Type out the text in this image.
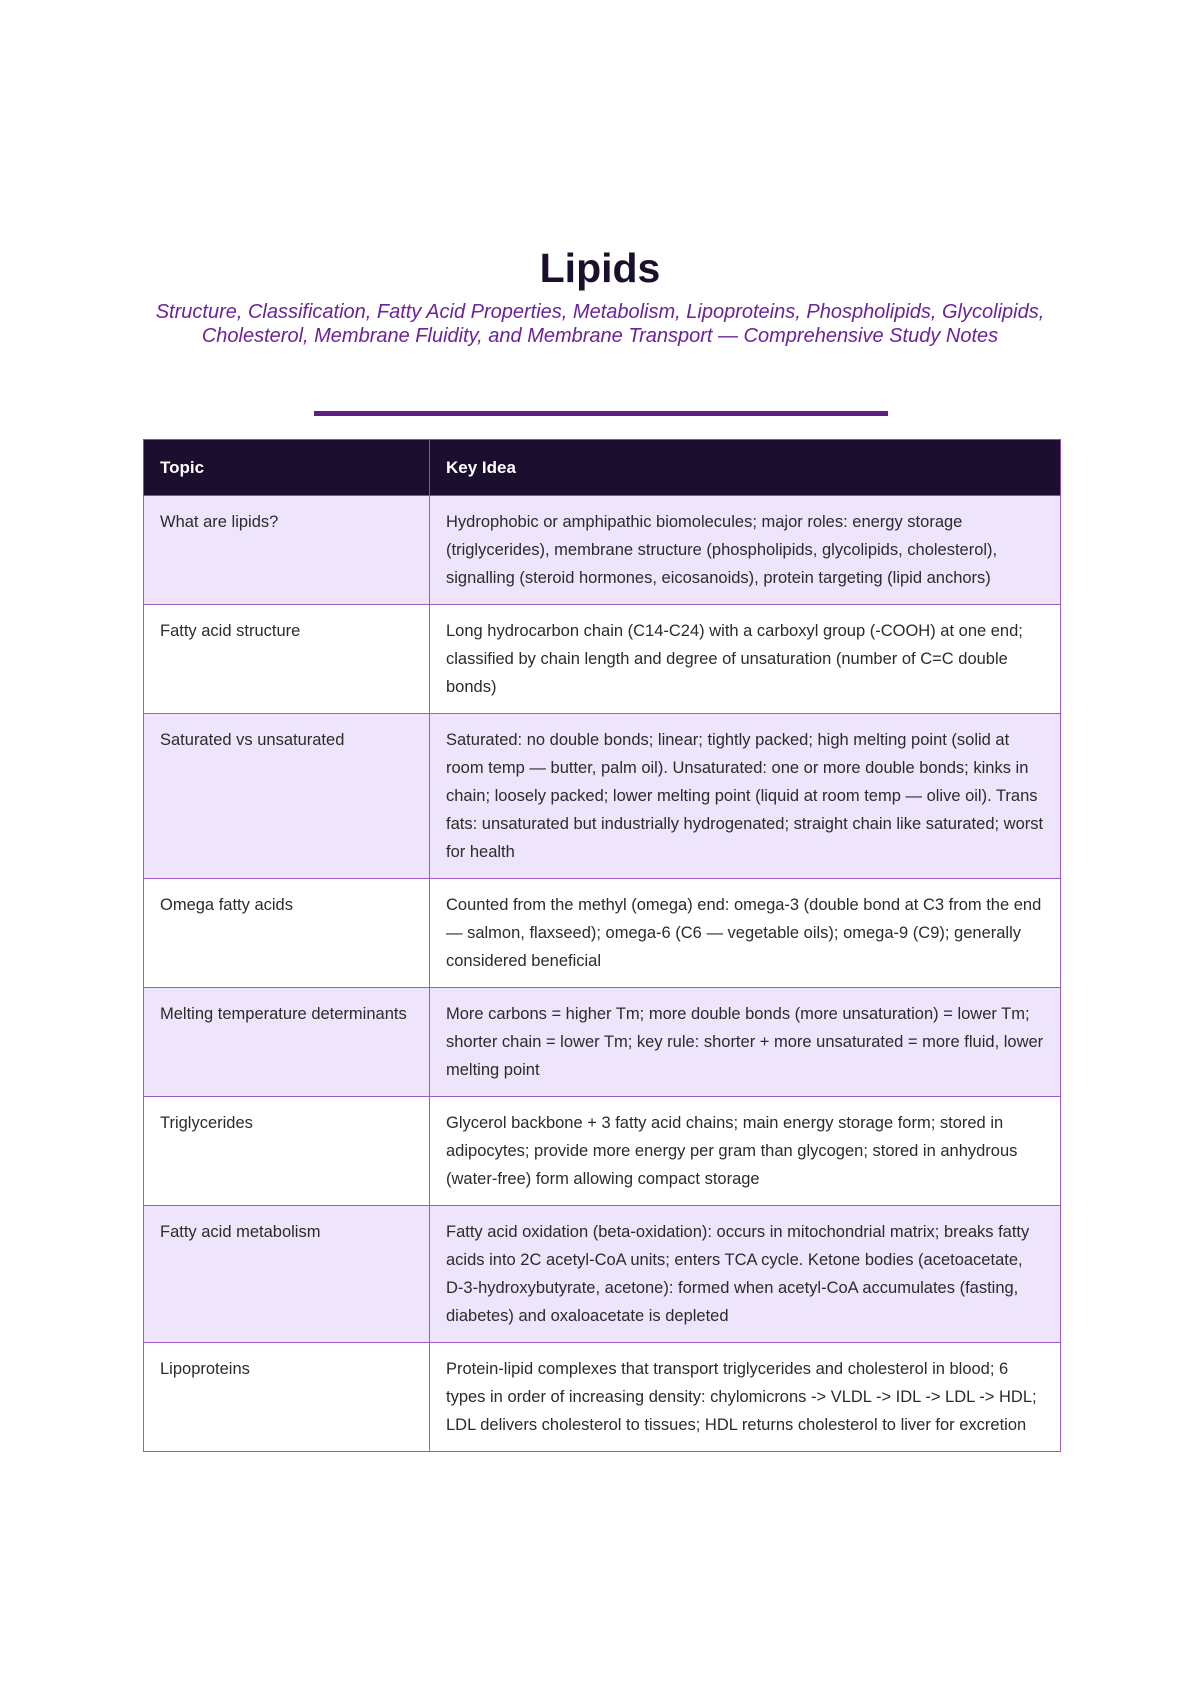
Lipids

Structure, Classification, Fatty Acid Properties, Metabolism, Lipoproteins, Phospholipids, Glycolipids, Cholesterol, Membrane Fluidity, and Membrane Transport — Comprehensive Study Notes

Topic	Key Idea
What are lipids?	Hydrophobic or amphipathic biomolecules; major roles: energy storage (triglycerides), membrane structure (phospholipids, glycolipids, cholesterol), signalling (steroid hormones, eicosanoids), protein targeting (lipid anchors)
Fatty acid structure	Long hydrocarbon chain (C14-C24) with a carboxyl group (-COOH) at one end; classified by chain length and degree of unsaturation (number of C=C double bonds)
Saturated vs unsaturated	Saturated: no double bonds; linear; tightly packed; high melting point (solid at room temp — butter, palm oil). Unsaturated: one or more double bonds; kinks in chain; loosely packed; lower melting point (liquid at room temp — olive oil). Trans fats: unsaturated but industrially hydrogenated; straight chain like saturated; worst for health
Omega fatty acids	Counted from the methyl (omega) end: omega-3 (double bond at C3 from the end — salmon, flaxseed); omega-6 (C6 — vegetable oils); omega-9 (C9); generally considered beneficial
Melting temperature determinants	More carbons = higher Tm; more double bonds (more unsaturation) = lower Tm; shorter chain = lower Tm; key rule: shorter + more unsaturated = more fluid, lower melting point
Triglycerides	Glycerol backbone + 3 fatty acid chains; main energy storage form; stored in adipocytes; provide more energy per gram than glycogen; stored in anhydrous (water-free) form allowing compact storage
Fatty acid metabolism	Fatty acid oxidation (beta-oxidation): occurs in mitochondrial matrix; breaks fatty acids into 2C acetyl-CoA units; enters TCA cycle. Ketone bodies (acetoacetate, D-3-hydroxybutyrate, acetone): formed when acetyl-CoA accumulates (fasting, diabetes) and oxaloacetate is depleted
Lipoproteins	Protein-lipid complexes that transport triglycerides and cholesterol in blood; 6 types in order of increasing density: chylomicrons -> VLDL -> IDL -> LDL -> HDL; LDL delivers cholesterol to tissues; HDL returns cholesterol to liver for excretion
